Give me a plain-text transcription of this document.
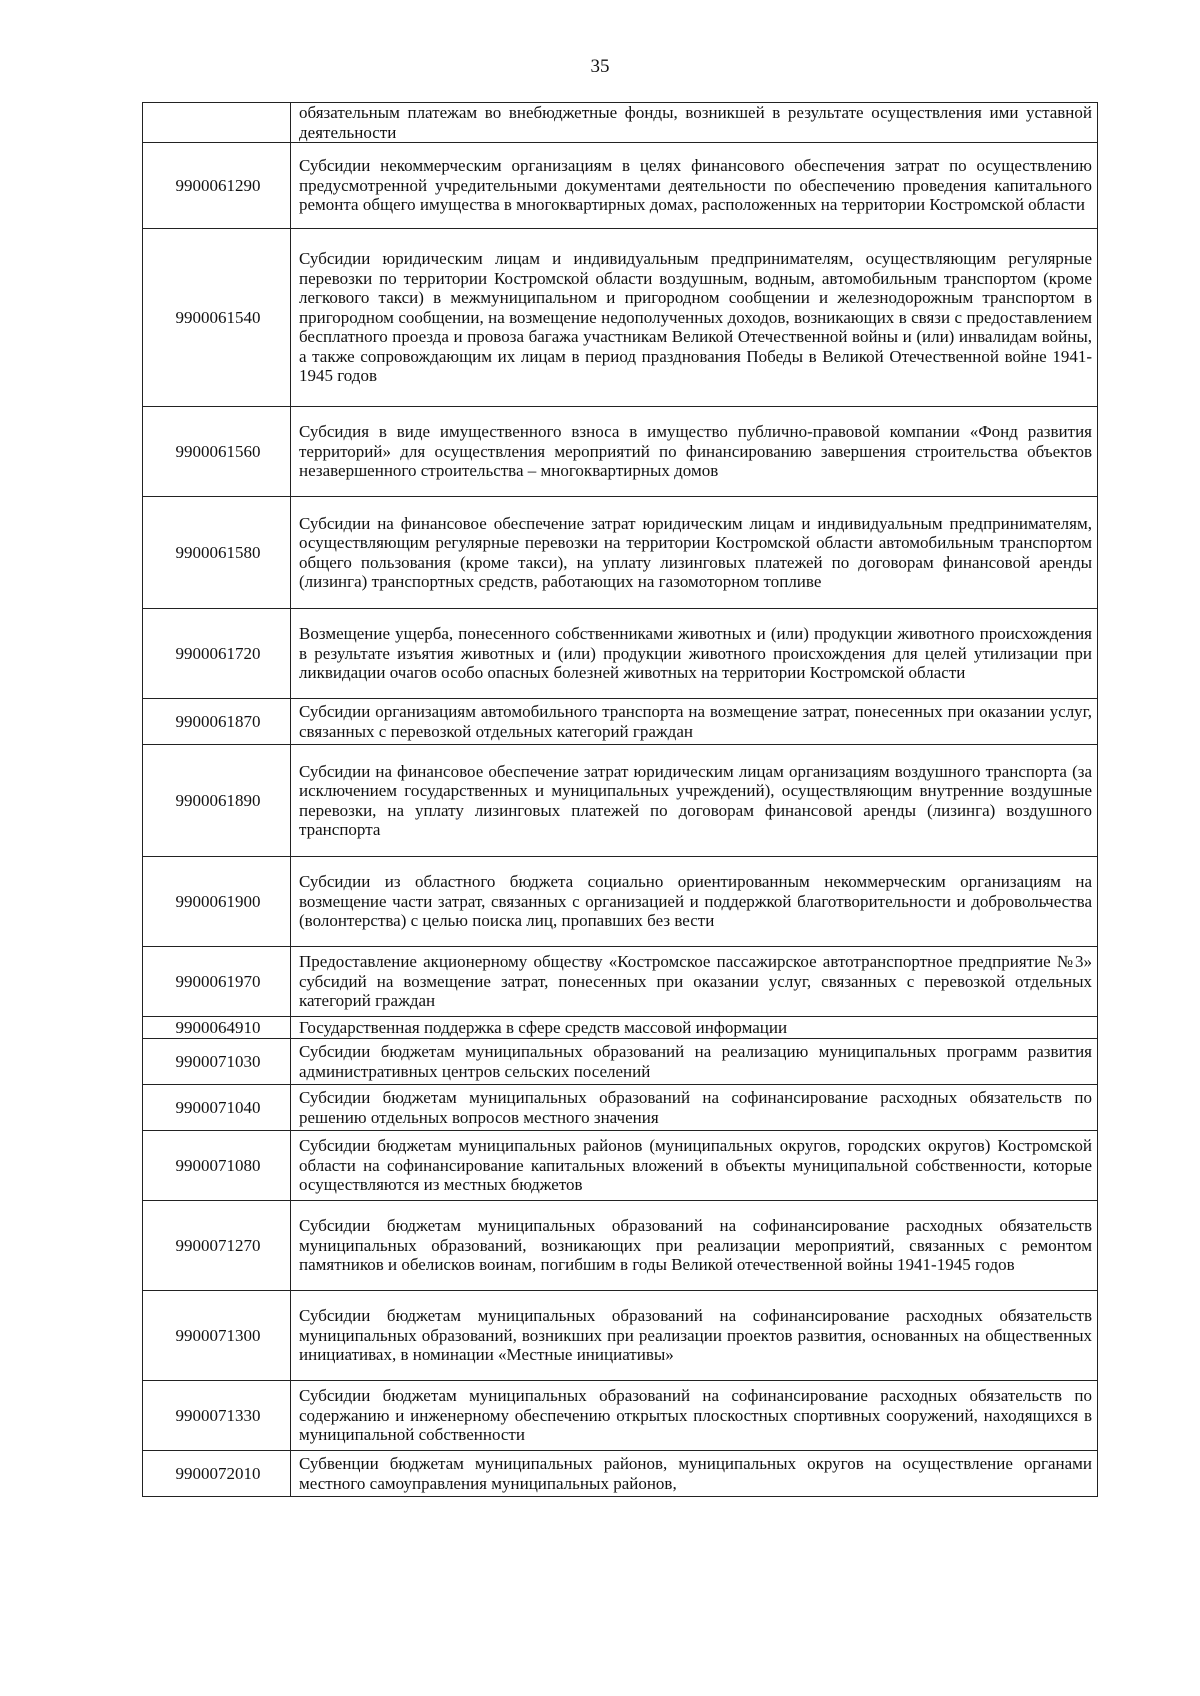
35
	обязательным платежам во внебюджетные фонды, возникшей в результате осуществления ими уставной деятельности
9900061290	Субсидии некоммерческим организациям в целях финансового обеспечения затрат по осуществлению предусмотренной учредительными документами деятельности по обеспечению проведения капитального ремонта общего имущества в многоквартирных домах, расположенных на территории Костромской области
9900061540	Субсидии юридическим лицам и индивидуальным предпринимателям, осуществляющим регулярные перевозки по территории Костромской области воздушным, водным, автомобильным транспортом (кроме легкового такси) в межмуниципальном и пригородном сообщении и железнодорожным транспортом в пригородном сообщении, на возмещение недополученных доходов, возникающих в связи с предоставлением бесплатного проезда и провоза багажа участникам Великой Отечественной войны и (или) инвалидам войны, а также сопровождающим их лицам в период празднования Победы в Великой Отечественной войне 1941-1945 годов
9900061560	Субсидия в виде имущественного взноса в имущество публично-правовой компании «Фонд развития территорий» для осуществления мероприятий по финансированию завершения строительства объектов незавершенного строительства – многоквартирных домов
9900061580	Субсидии на финансовое обеспечение затрат юридическим лицам и индивидуальным предпринимателям, осуществляющим регулярные перевозки на территории Костромской области автомобильным транспортом общего пользования (кроме такси), на уплату лизинговых платежей по договорам финансовой аренды (лизинга) транспортных средств, работающих на газомоторном топливе
9900061720	Возмещение ущерба, понесенного собственниками животных и (или) продукции животного происхождения в результате изъятия животных и (или) продукции животного происхождения для целей утилизации при ликвидации очагов особо опасных болезней животных на территории Костромской области
9900061870	Субсидии организациям автомобильного транспорта на возмещение затрат, понесенных при оказании услуг, связанных с перевозкой отдельных категорий граждан
9900061890	Субсидии на финансовое обеспечение затрат юридическим лицам организациям воздушного транспорта (за исключением государственных и муниципальных учреждений), осуществляющим внутренние воздушные перевозки, на уплату лизинговых платежей по договорам финансовой аренды (лизинга) воздушного транспорта
9900061900	Субсидии из областного бюджета социально ориентированным некоммерческим организациям на возмещение части затрат, связанных с организацией и поддержкой благотворительности и добровольчества (волонтерства) с целью поиска лиц, пропавших без вести
9900061970	Предоставление акционерному обществу «Костромское пассажирское автотранспортное предприятие №3» субсидий на возмещение затрат, понесенных при оказании услуг, связанных с перевозкой отдельных категорий граждан
9900064910	Государственная поддержка в сфере средств массовой информации
9900071030	Субсидии бюджетам муниципальных образований на реализацию муниципальных программ развития административных центров сельских поселений
9900071040	Субсидии бюджетам муниципальных образований на софинансирование расходных обязательств по решению отдельных вопросов местного значения
9900071080	Субсидии бюджетам муниципальных районов (муниципальных округов, городских округов) Костромской области на софинансирование капитальных вложений в объекты муниципальной собственности, которые осуществляются из местных бюджетов
9900071270	Субсидии бюджетам муниципальных образований на софинансирование расходных обязательств муниципальных образований, возникающих при реализации мероприятий, связанных с ремонтом памятников и обелисков воинам, погибшим в годы Великой отечественной войны 1941-1945 годов
9900071300	Субсидии бюджетам муниципальных образований на софинансирование расходных обязательств муниципальных образований, возникших при реализации проектов развития, основанных на общественных инициативах, в номинации «Местные инициативы»
9900071330	Субсидии бюджетам муниципальных образований на софинансирование расходных обязательств по содержанию и инженерному обеспечению открытых плоскостных спортивных сооружений, находящихся в муниципальной собственности
9900072010	Субвенции бюджетам муниципальных районов, муниципальных округов на осуществление органами местного самоуправления муниципальных районов,
